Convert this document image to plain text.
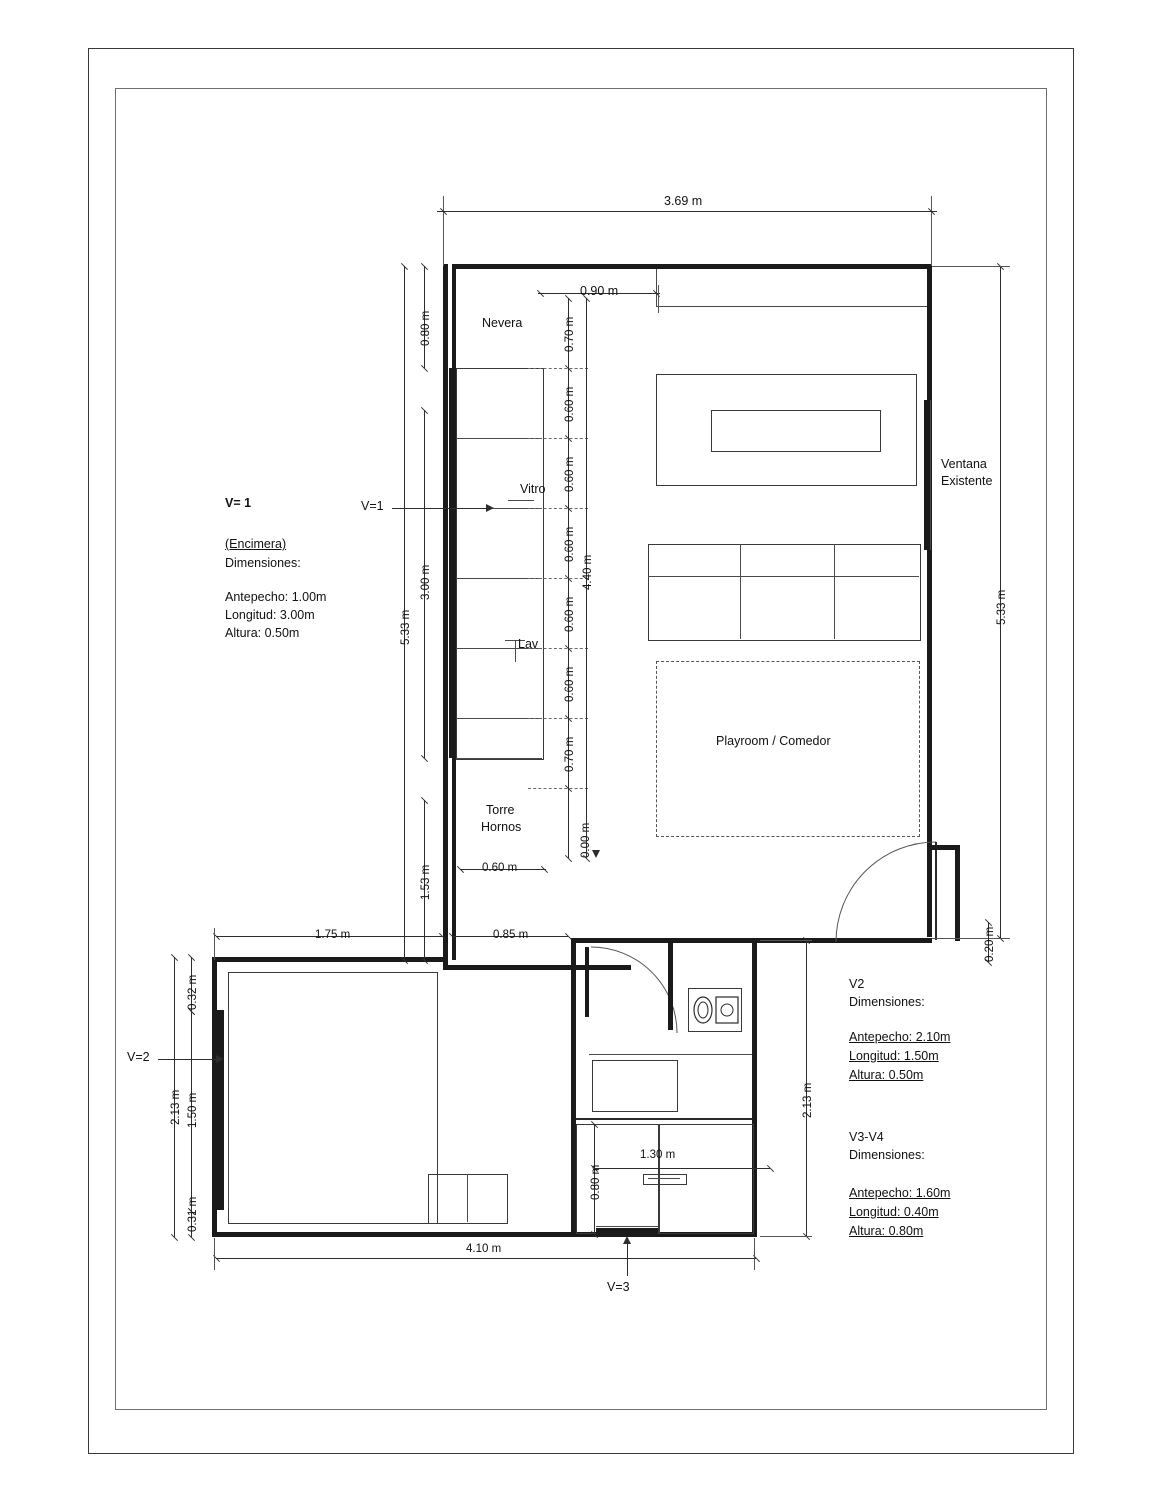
Playroom / Comedor
Nevera
Vitro
Lav
Torre
Hornos
Ventana
Existente
3.69 m
0.90 m
0.80 m
3.00 m
1.53 m
5.33 m
0.70 m
0.60 m
0.60 m
0.60 m
0.60 m
0.60 m
0.70 m
0.00 m
4.40 m
0.60 m
5.33 m
0.20 m
1.75 m	0.85 m
0.32 m
1.50 m
0.31 m
2.13 m
4.10 m
2.13 m
1.30 m
0.80 m
V=1
V=2
V=3
V= 1
(Encimera)
Dimensiones:
Antepecho: 1.00m
Longitud: 3.00m
Altura: 0.50m
V2
Dimensiones:
Antepecho: 2.10m
Longitud: 1.50m
Altura: 0.50m
V3-V4
Dimensiones:
Antepecho: 1.60m
Longitud: 0.40m
Altura: 0.80m
